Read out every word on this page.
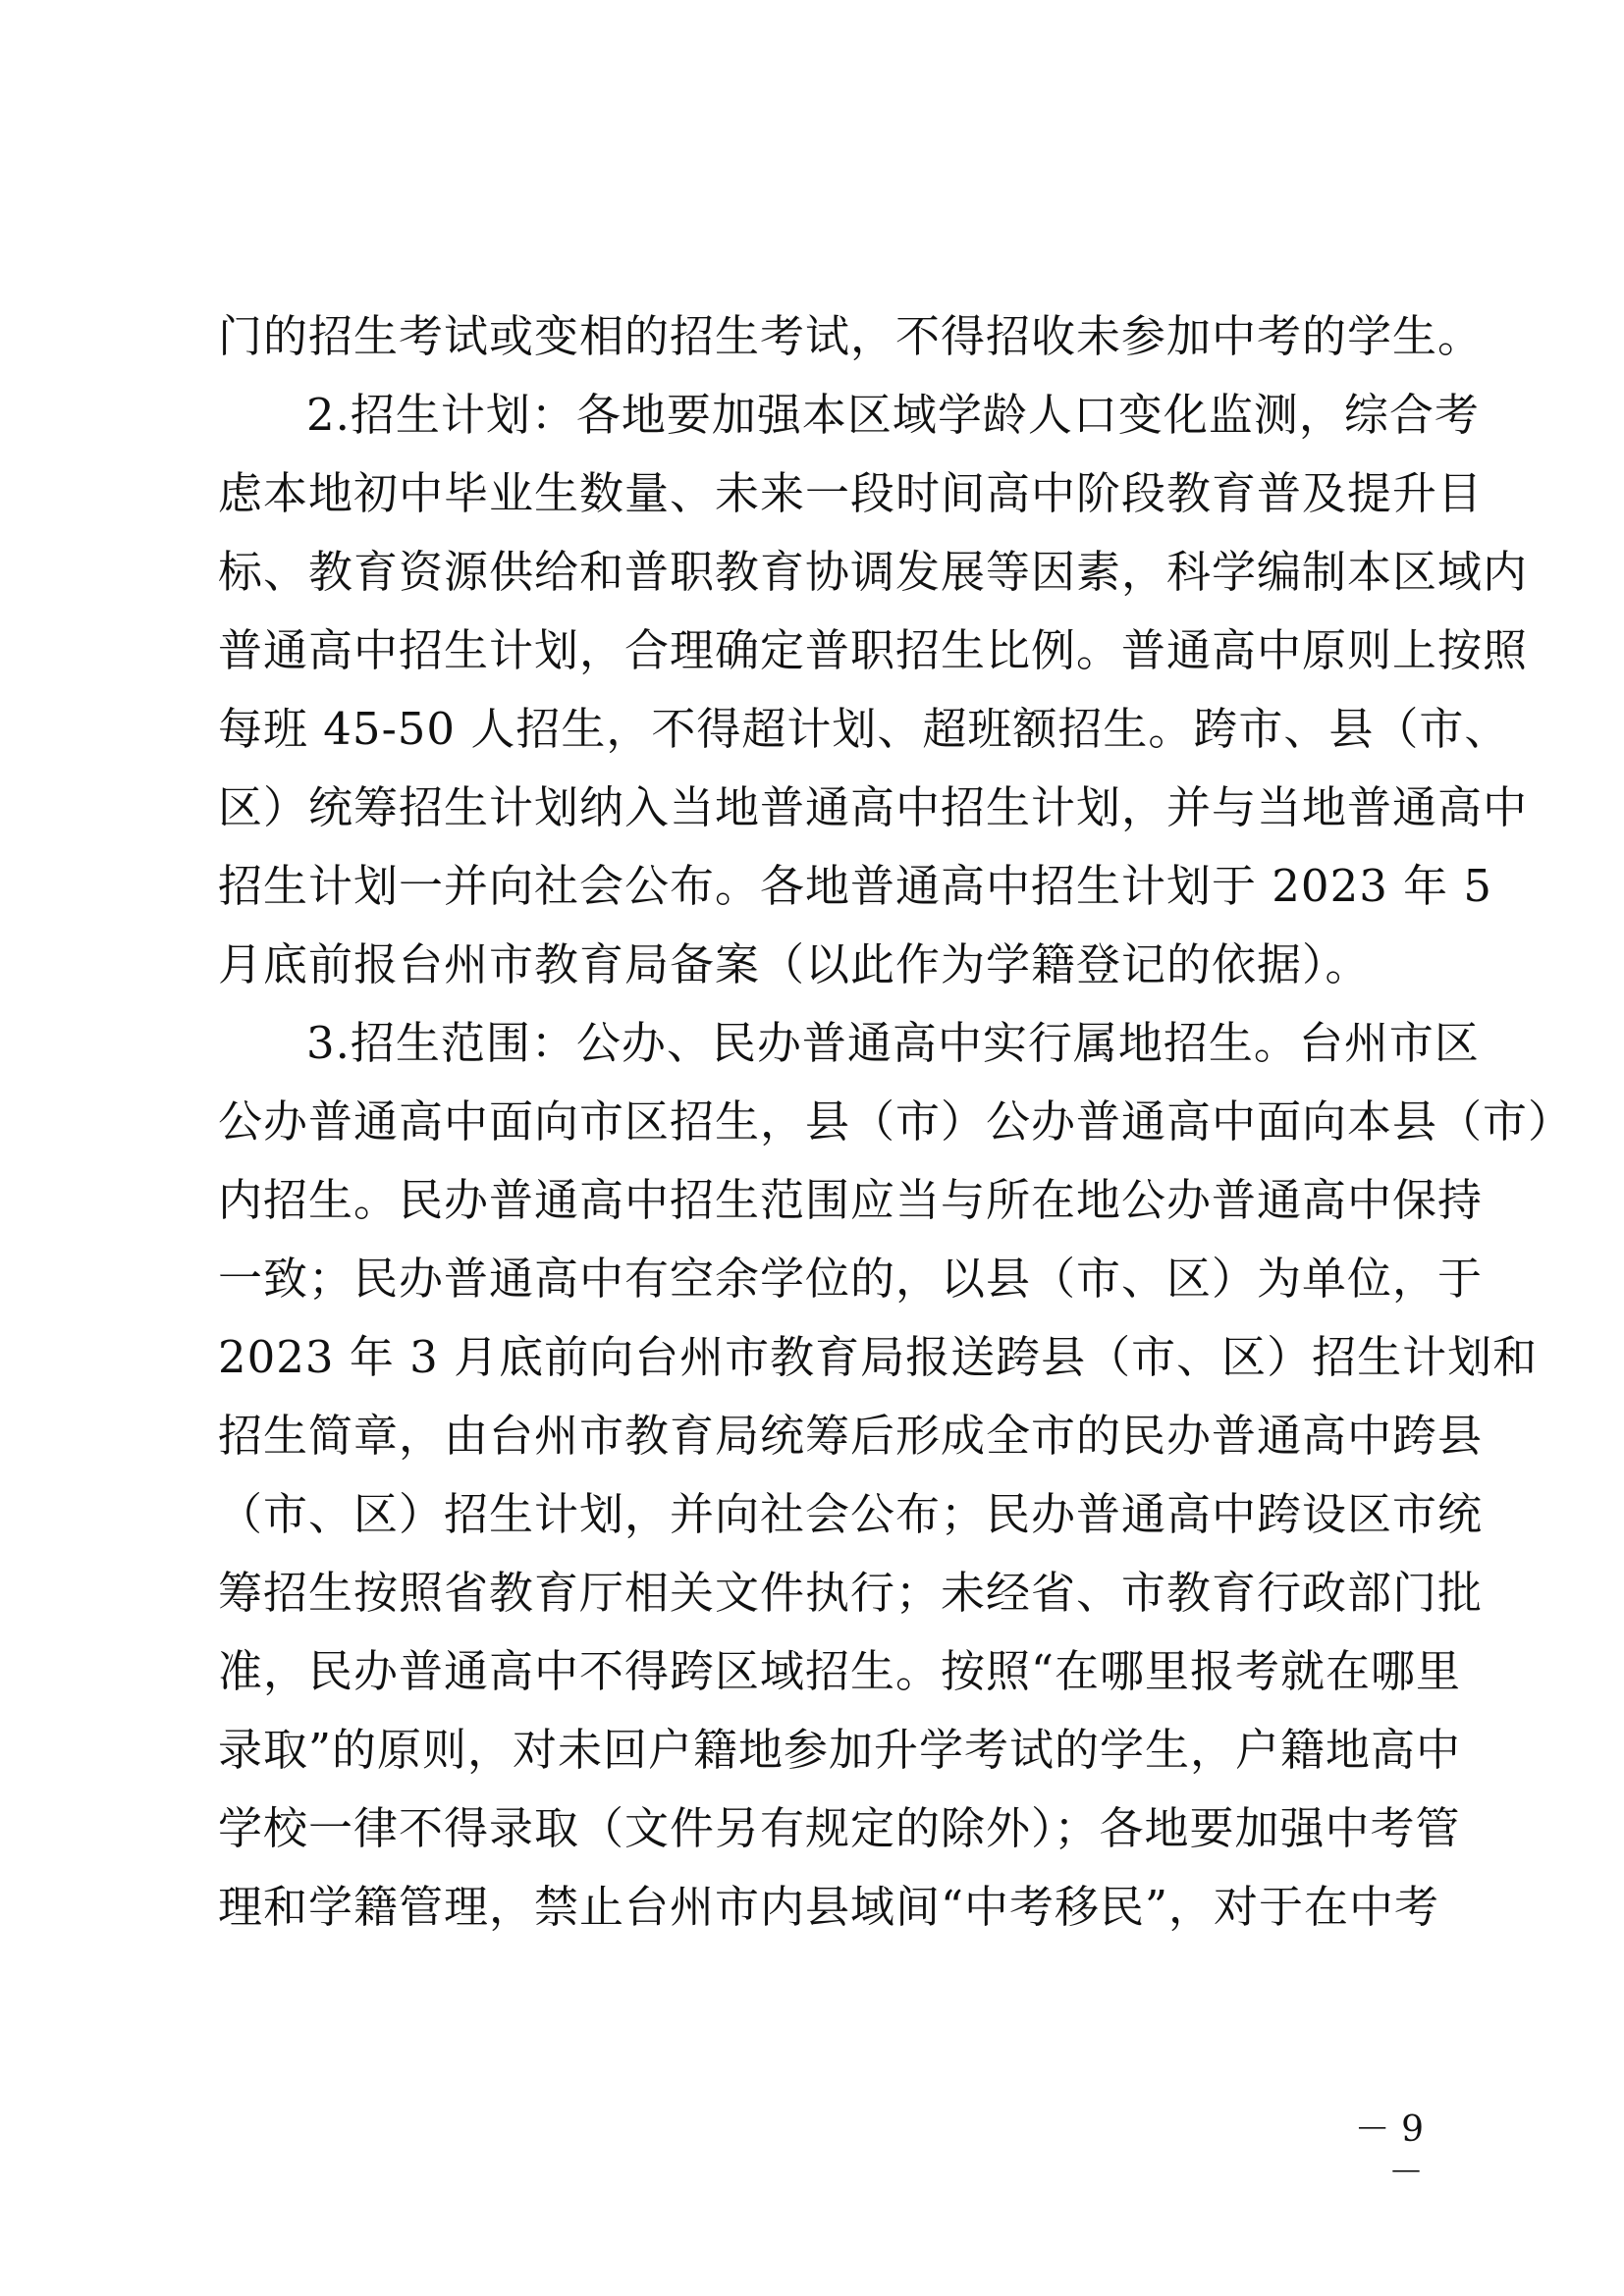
门的招生考试或变相的招生考试，不得招收未参加中考的学生。
2.招生计划：各地要加强本区域学龄人口变化监测，综合考
虑本地初中毕业生数量、未来一段时间高中阶段教育普及提升目
标、教育资源供给和普职教育协调发展等因素，科学编制本区域内
普通高中招生计划，合理确定普职招生比例。普通高中原则上按照
每班 45-50 人招生，不得超计划、超班额招生。跨市、县（市、
区）统筹招生计划纳入当地普通高中招生计划，并与当地普通高中
招生计划一并向社会公布。各地普通高中招生计划于 2023 年 5
月底前报台州市教育局备案（以此作为学籍登记的依据）。
3.招生范围：公办、民办普通高中实行属地招生。台州市区
公办普通高中面向市区招生，县（市）公办普通高中面向本县（市）
内招生。民办普通高中招生范围应当与所在地公办普通高中保持
一致；民办普通高中有空余学位的，以县（市、区）为单位，于
2023 年 3 月底前向台州市教育局报送跨县（市、区）招生计划和
招生简章，由台州市教育局统筹后形成全市的民办普通高中跨县
（市、区）招生计划，并向社会公布；民办普通高中跨设区市统
筹招生按照省教育厅相关文件执行；未经省、市教育行政部门批
准，民办普通高中不得跨区域招生。按照“在哪里报考就在哪里
录取”的原则，对未回户籍地参加升学考试的学生，户籍地高中
学校一律不得录取（文件另有规定的除外）；各地要加强中考管
理和学籍管理，禁止台州市内县域间“中考移民”，对于在中考
－ 9 －
